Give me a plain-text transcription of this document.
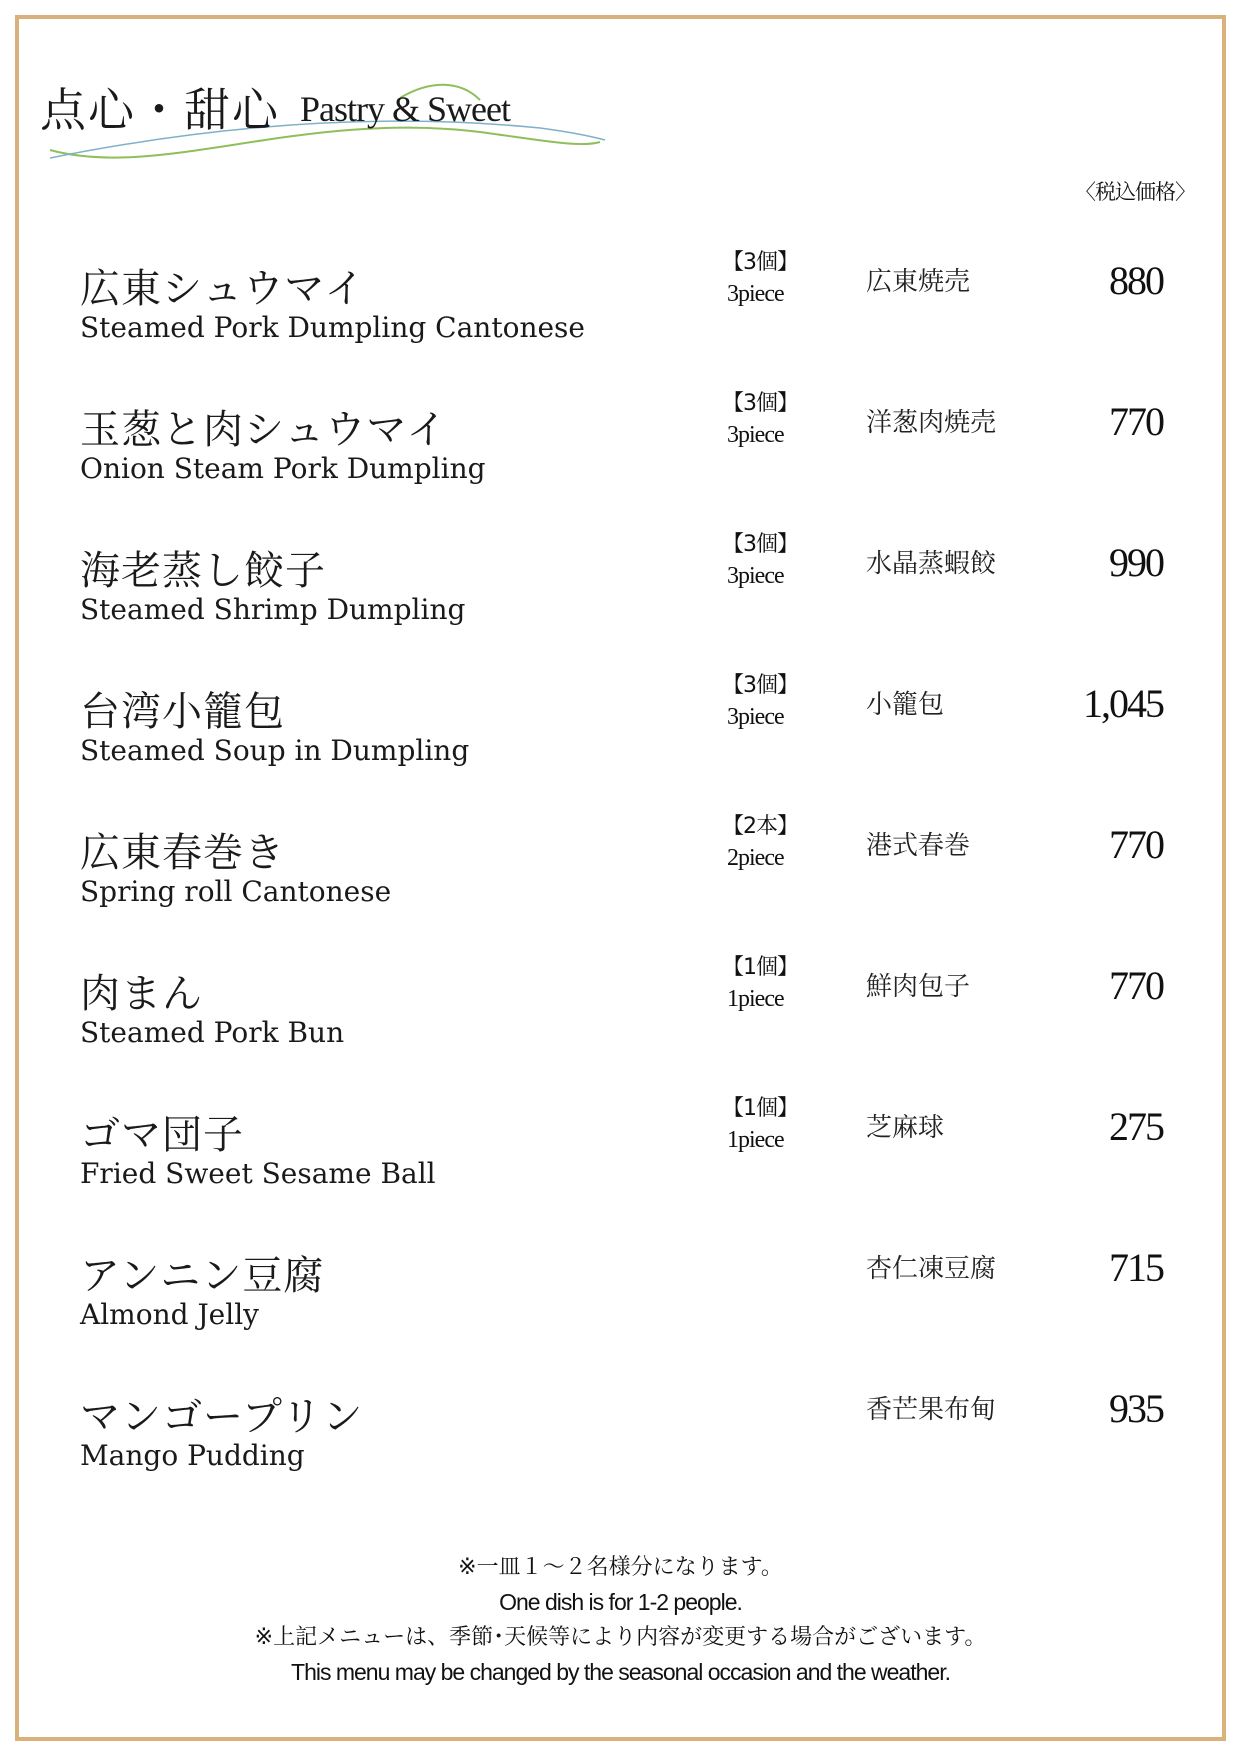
点心・甜心 Pastry & Sweet
〈税込価格〉
広東シュウマイ
Steamed Pork Dumpling Cantonese
【3個】
3piece	広東焼売	880
玉葱と肉シュウマイ
Onion Steam Pork Dumpling
【3個】
3piece	洋葱肉焼売	770
海老蒸し餃子
Steamed Shrimp Dumpling
【3個】
3piece	水晶蒸蝦餃	990
台湾小籠包
Steamed Soup in Dumpling
【3個】
3piece	小籠包	1,045
広東春巻き
Spring roll Cantonese
【2本】
2piece	港式春巻	770
肉まん
Steamed Pork Bun
【1個】
1piece	鮮肉包子	770
ゴマ団子
Fried Sweet Sesame Ball
【1個】
1piece	芝麻球	275
アンニン豆腐
Almond Jelly
杏仁凍豆腐	715
マンゴープリン
Mango Pudding
香芒果布甸	935
※一皿１～２名様分になります。
One dish is for 1-2 people.
※上記メニューは、季節･天候等により内容が変更する場合がございます。
This menu may be changed by the seasonal occasion and the weather.
